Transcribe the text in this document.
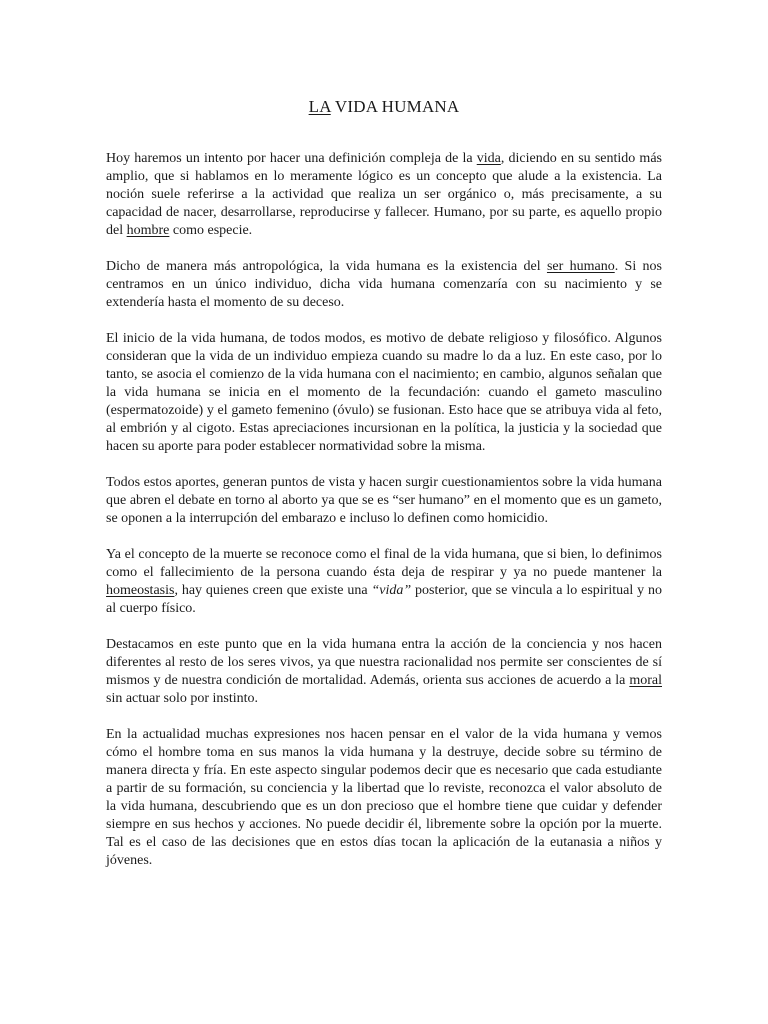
LA VIDA HUMANA

Hoy haremos un intento por hacer una definición compleja de la vida, diciendo en su sentido más amplio, que si hablamos en lo meramente lógico es un concepto que alude a la existencia. La noción suele referirse a la actividad que realiza un ser orgánico o, más precisamente, a su capacidad de nacer, desarrollarse, reproducirse y fallecer. Humano, por su parte, es aquello propio del hombre como especie.

Dicho de manera más antropológica, la vida humana es la existencia del ser humano. Si nos centramos en un único individuo, dicha vida humana comenzaría con su nacimiento y se extendería hasta el momento de su deceso.

El inicio de la vida humana, de todos modos, es motivo de debate religioso y filosófico. Algunos consideran que la vida de un individuo empieza cuando su madre lo da a luz. En este caso, por lo tanto, se asocia el comienzo de la vida humana con el nacimiento; en cambio, algunos señalan que la vida humana se inicia en el momento de la fecundación: cuando el gameto masculino (espermatozoide) y el gameto femenino (óvulo) se fusionan. Esto hace que se atribuya vida al feto, al embrión y al cigoto. Estas apreciaciones incursionan en la política, la justicia y la sociedad que hacen su aporte para poder establecer normatividad sobre la misma.

Todos estos aportes, generan puntos de vista y hacen surgir cuestionamientos sobre la vida humana que abren el debate en torno al aborto ya que se es “ser humano” en el momento que es un gameto, se oponen a la interrupción del embarazo e incluso lo definen como homicidio.

Ya el concepto de la muerte se reconoce como el final de la vida humana, que si bien, lo definimos como el fallecimiento de la persona cuando ésta deja de respirar y ya no puede mantener la homeostasis, hay quienes creen que existe una “vida” posterior, que se vincula a lo espiritual y no al cuerpo físico.

Destacamos en este punto que en la vida humana entra la acción de la conciencia y nos hacen diferentes al resto de los seres vivos, ya que nuestra racionalidad nos permite ser conscientes de sí mismos y de nuestra condición de mortalidad. Además, orienta sus acciones de acuerdo a la moral sin actuar solo por instinto.

En la actualidad muchas expresiones nos hacen pensar en el valor de la vida humana y vemos cómo el hombre toma en sus manos la vida humana y la destruye, decide sobre su término de manera directa y fría. En este aspecto singular podemos decir que es necesario que cada estudiante a partir de su formación, su conciencia y la libertad que lo reviste, reconozca el valor absoluto de la vida humana, descubriendo que es un don precioso que el hombre tiene que cuidar y defender siempre en sus hechos y acciones. No puede decidir él, libremente sobre la opción por la muerte. Tal es el caso de las decisiones que en estos días tocan la aplicación de la eutanasia a niños y jóvenes.
